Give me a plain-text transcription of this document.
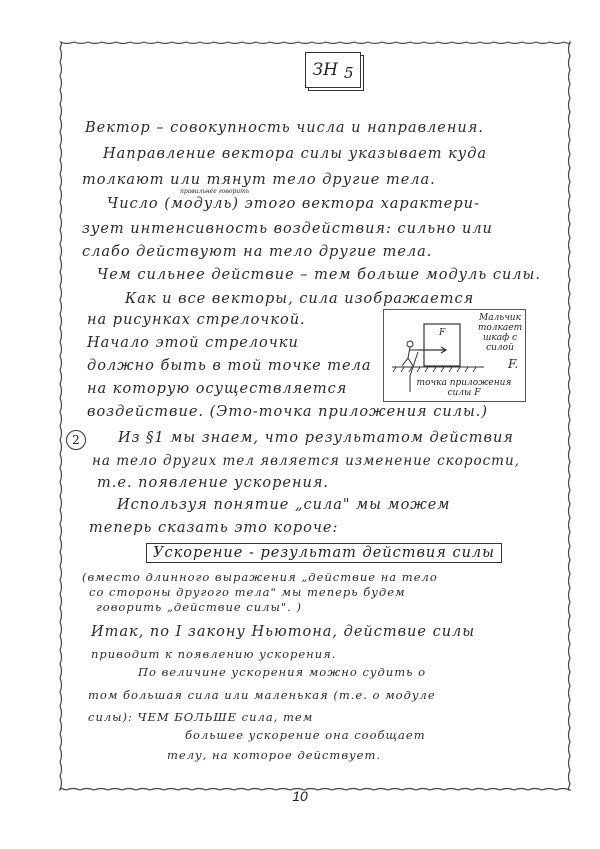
ЗН 5
Вектор – совокупность числа и направления.
Направление вектора силы указывает куда
толкают или тянут тело другие тела.
правильнее говорить
Число (модуль) этого вектора характери-
зует интенсивность воздействия: сильно или
слабо действуют на тело другие тела.
Чем сильнее действие – тем больше модуль силы.
Как и все векторы, сила изображается
на рисунках стрелочкой.
Начало этой стрелочки
должно быть в той точке тела
на которую осуществляется
воздействие. (Это-точка приложения силы.)
F
Мальчик толкает шкаф с силой
F.
точка приложения силы F
2	Из §1 мы знаем, что результатом действия
на тело других тел является изменение скорости,
т.е. появление ускорения.
Используя понятие „сила" мы можем
теперь сказать это короче:
Ускорение - результат действия силы
(вместо длинного выражения „действие на тело
со стороны другого тела" мы теперь будем
говорить „действие силы". )
Итак, по I закону Ньютона, действие силы
приводит к появлению ускорения.
По величине ускорения можно судить о
том большая сила или маленькая (т.е. о модуле
силы): ЧЕМ БОЛЬШЕ сила, тем
большее ускорение она сообщает
телу, на которое действует.
10
